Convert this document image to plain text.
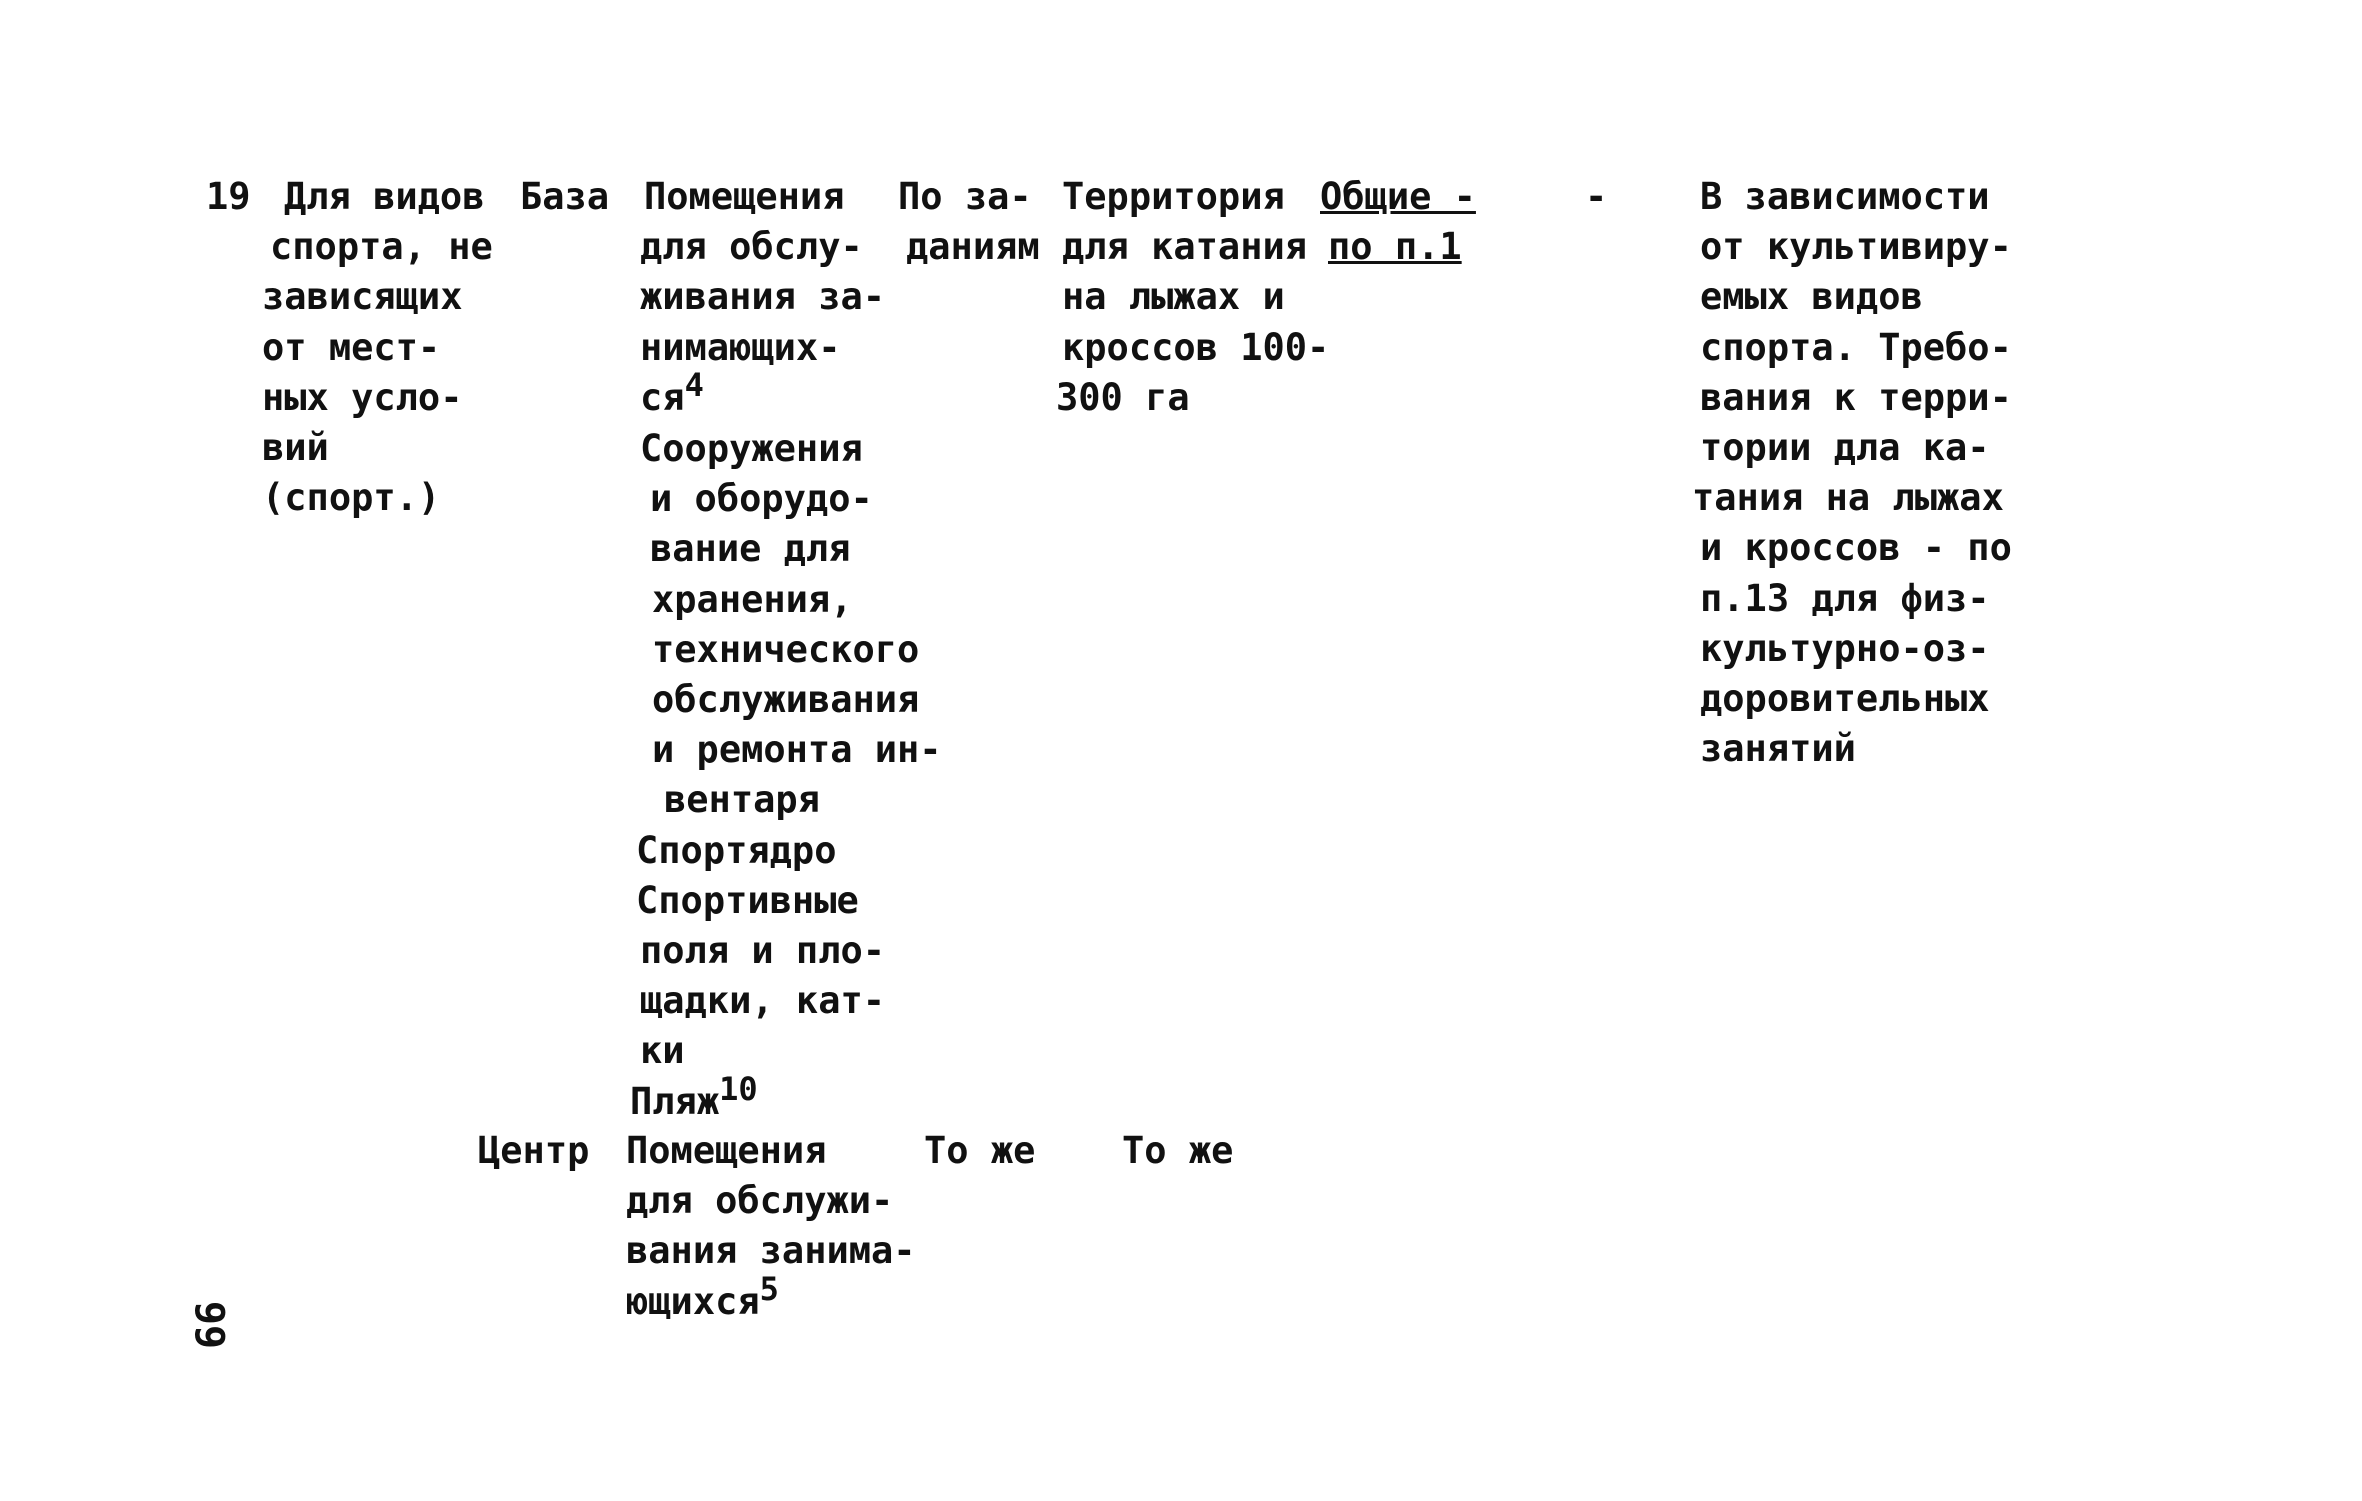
19 Для видов
спорта, не
зависящих
от мест-
ных усло-
вий
(спорт.)
База Помещения
для обслу-
живания за-
нимающих-
ся4
Сооружения
и оборудо-
вание для
хранения,
технического
обслуживания
и ремонта ин-
вентаря
Спортядро
Спортивные
поля и пло-
щадки, кат-
ки
Пляж10
По за-
даниям
Территория
для катания
на лыжах и
кроссов 100-
300 га
Общие -
по п.1
-	В зависимости
от культивиру-
емых видов
спорта. Требо-
вания к терри-
тории дла ка-
тания на лыжах
и кроссов - по
п.13 для физ-
культурно-оз-
доровительных
занятий
Центр Помещения
для обслужи-
вания занима-
ющихся5
То же То же
99
